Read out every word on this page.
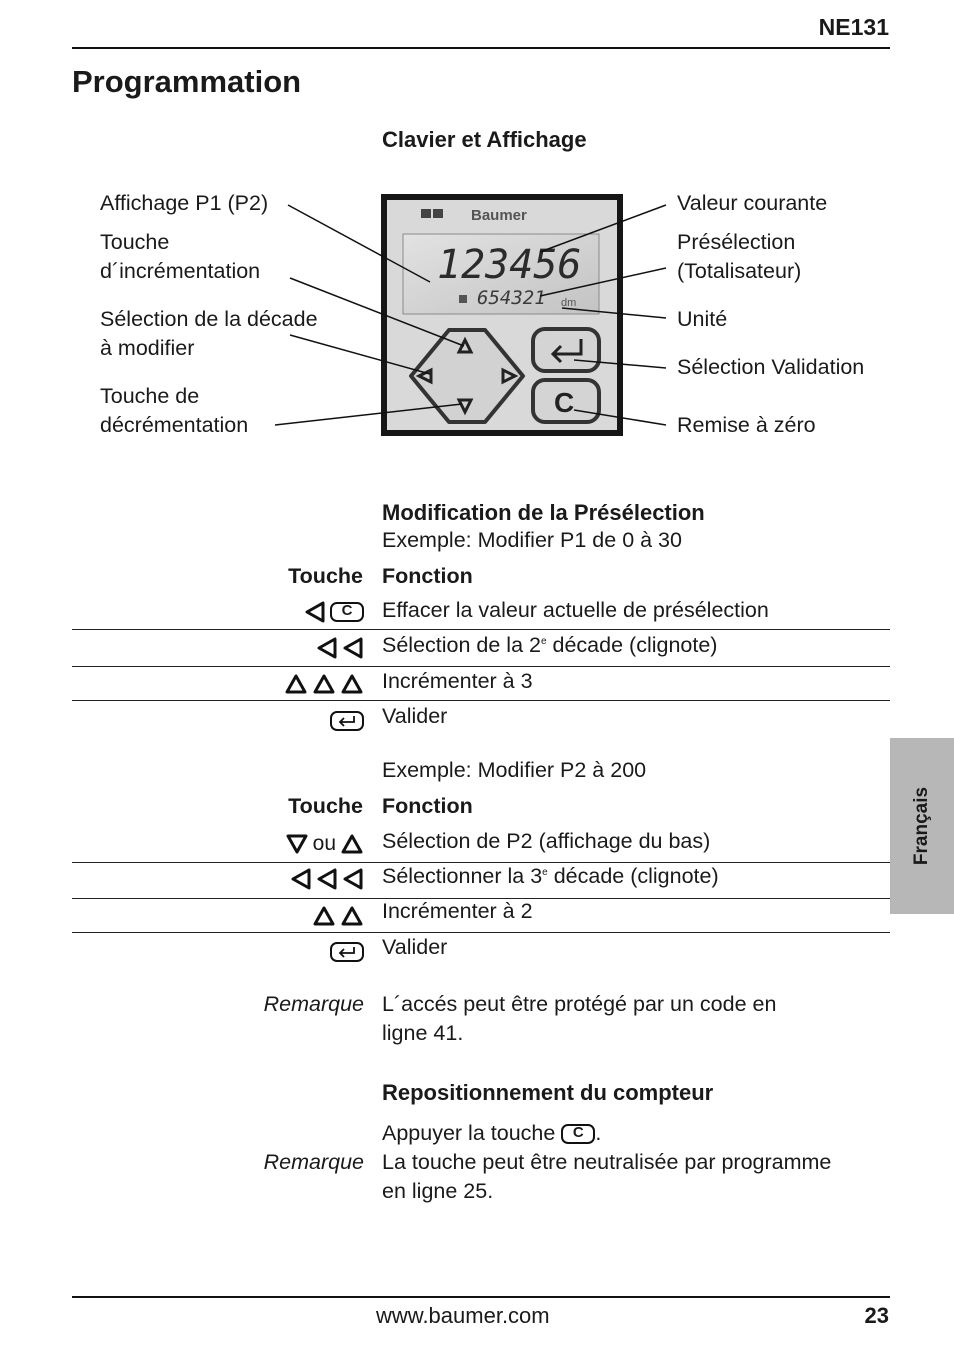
NE131
Programmation
Clavier et Affichage
Affichage P1 (P2)
Touche
d´incrémentation
Sélection de la décade
à modifier
Touche de
décrémentation
Valeur courante
Présélection
(Totalisateur)
Unité
Sélection Validation
Remise à zéro
Baumer
123456
654321 dm
C
Modification de la Présélection
Exemple: Modifier P1 de 0 à 30
Touche Fonction
C
Effacer la valeur actuelle de présélection
Sélection de la 2e décade (clignote)
Incrémenter à 3
Valider
Exemple: Modifier P2 à 200
Touche Fonction
ou Sélection de P2 (affichage du bas)
Sélectionner la 3e décade (clignote)
Incrémenter à 2
Valider
Remarque L´accés peut être protégé par un code en
ligne 41.
Repositionnement du compteur
Appuyer la touche
C .
Remarque La touche peut être neutralisée par programme
en ligne 25.
Français
www.baumer.com	23
